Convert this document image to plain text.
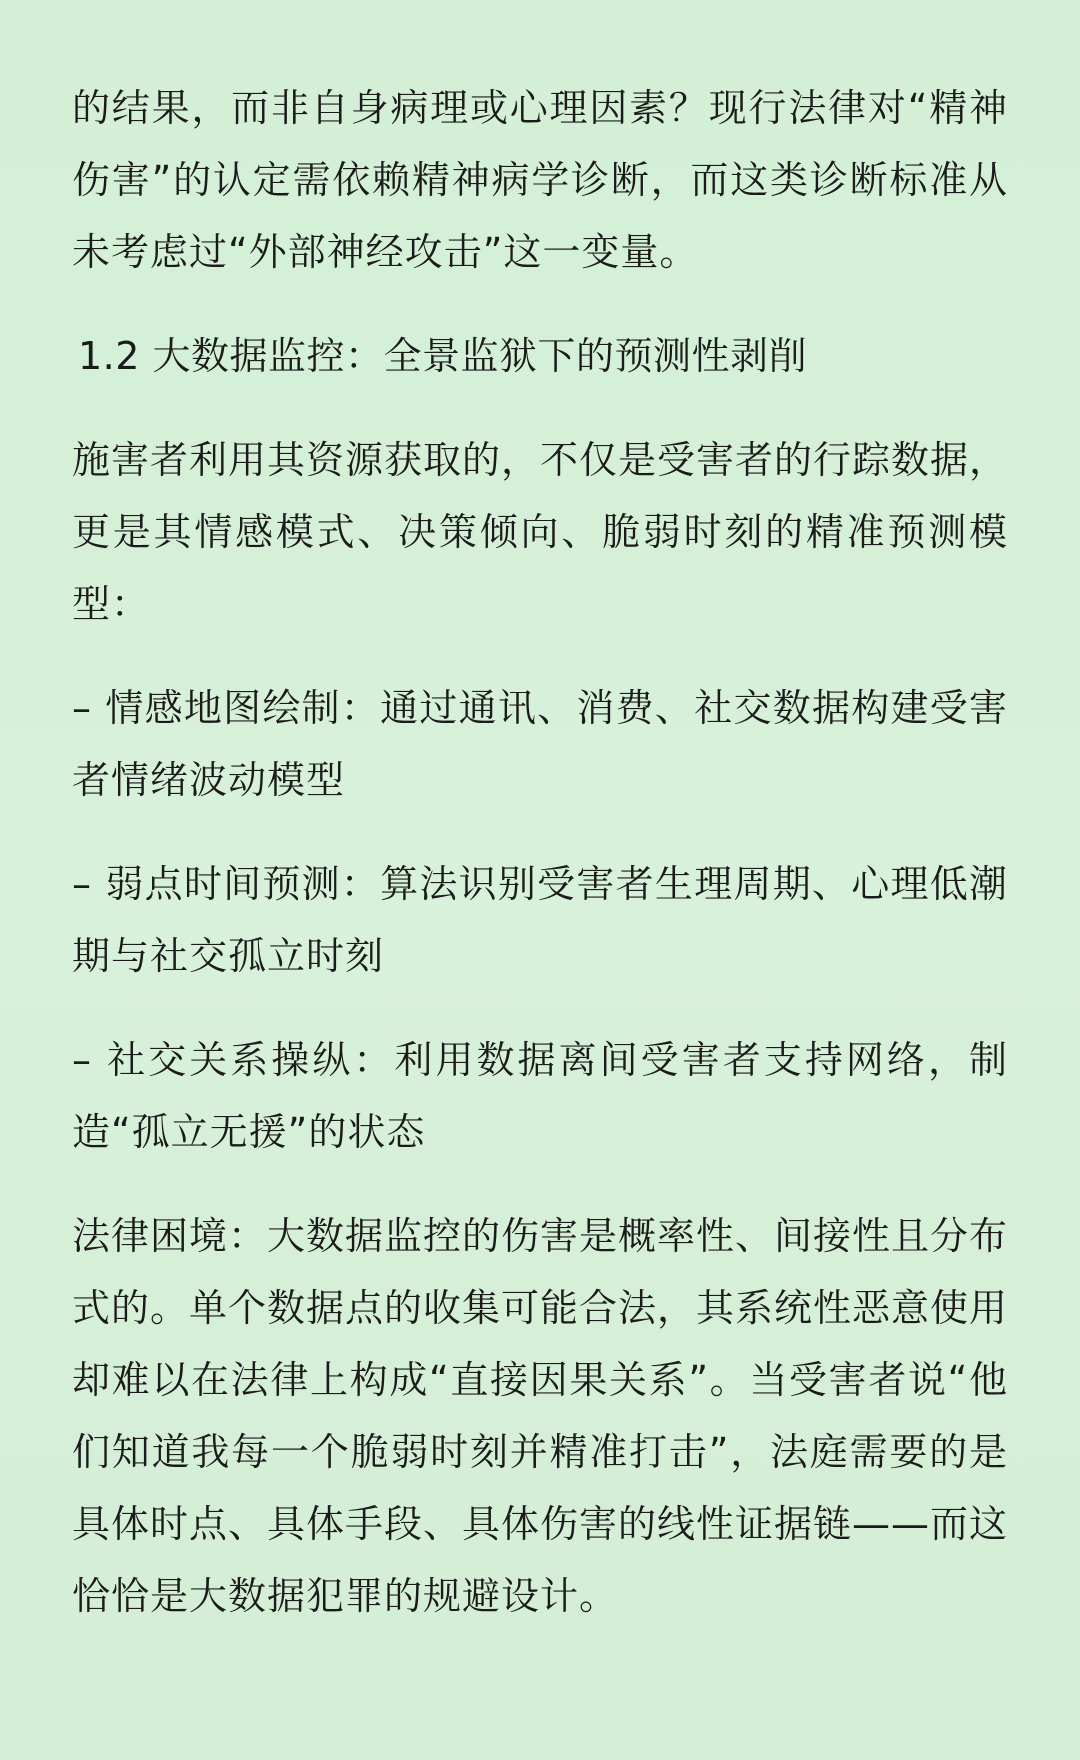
的结果，而非自身病理或心理因素？现行法律对“精神伤害”的认定需依赖精神病学诊断，而这类诊断标准从未考虑过“外部神经攻击”这一变量。

1.2 大数据监控：全景监狱下的预测性剥削

施害者利用其资源获取的，不仅是受害者的行踪数据，更是其情感模式、决策倾向、脆弱时刻的精准预测模型：

– 情感地图绘制：通过通讯、消费、社交数据构建受害者情绪波动模型

– 弱点时间预测：算法识别受害者生理周期、心理低潮期与社交孤立时刻

– 社交关系操纵：利用数据离间受害者支持网络，制造“孤立无援”的状态

法律困境：大数据监控的伤害是概率性、间接性且分布式的。单个数据点的收集可能合法，其系统性恶意使用却难以在法律上构成“直接因果关系”。当受害者说“他们知道我每一个脆弱时刻并精准打击”，法庭需要的是具体时点、具体手段、具体伤害的线性证据链——而这恰恰是大数据犯罪的规避设计。
